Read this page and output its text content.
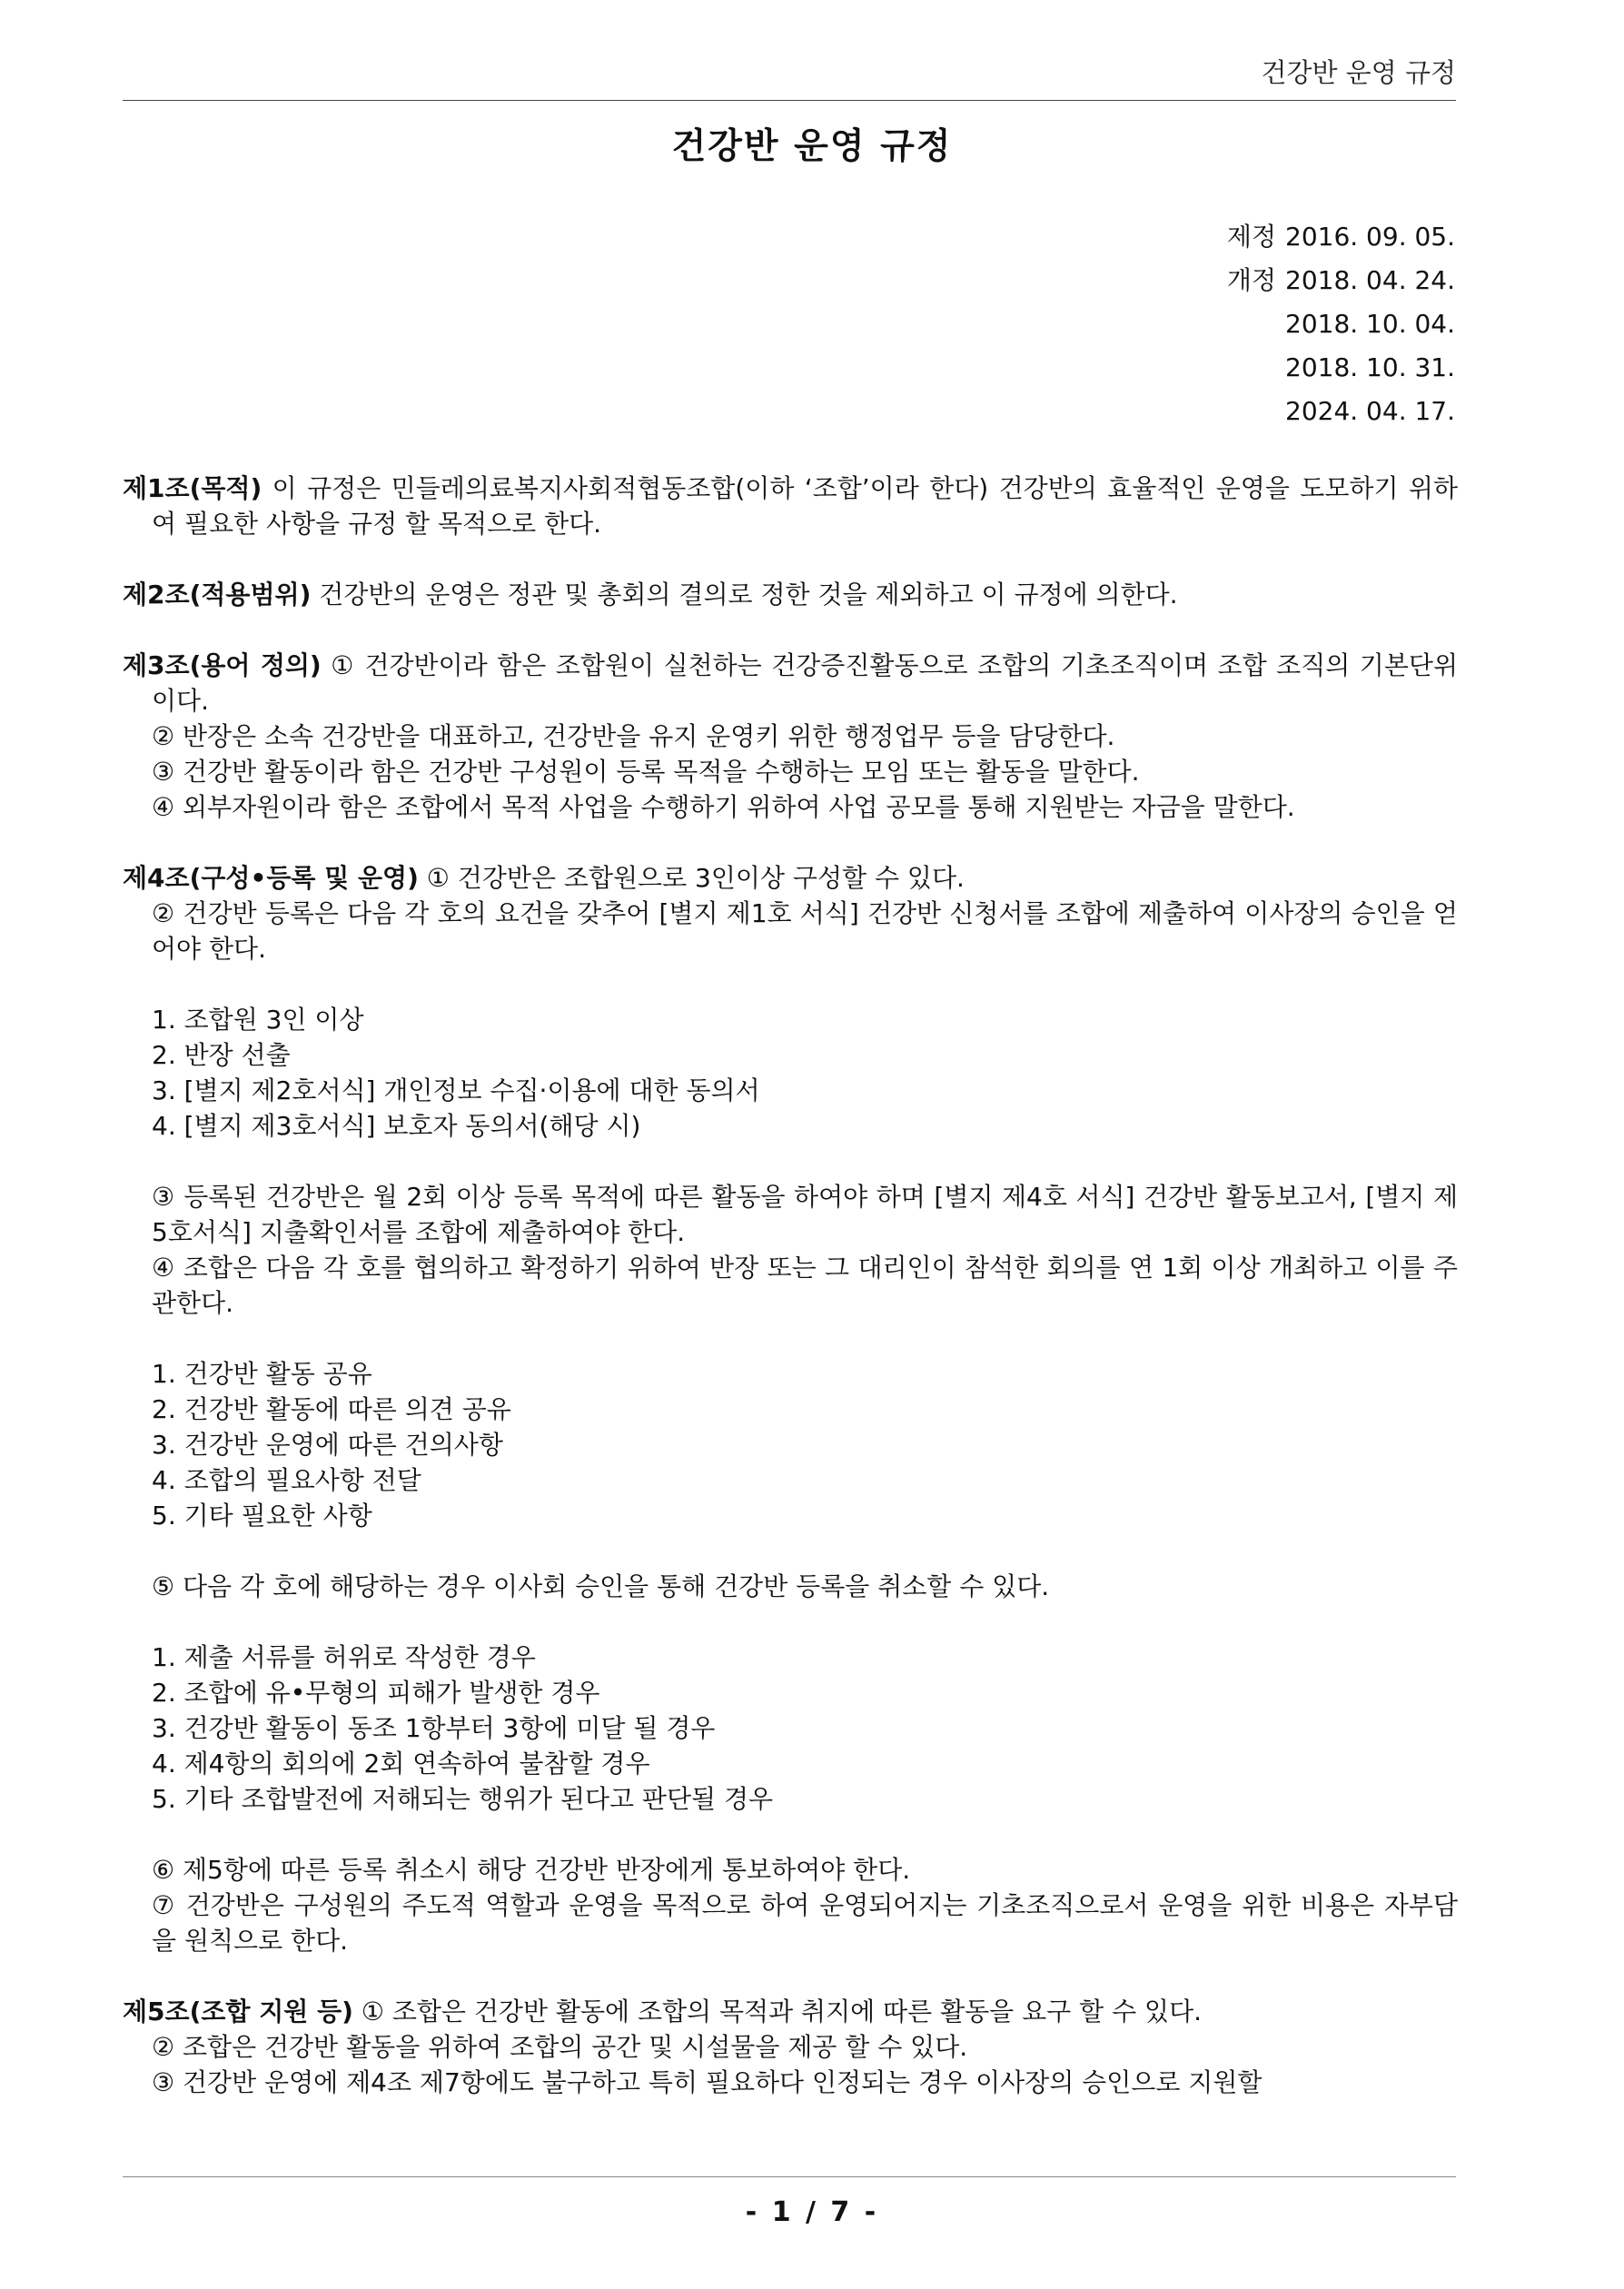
건강반 운영 규정
건강반 운영 규정
제정 2016. 09. 05.
개정 2018. 04. 24.
2018. 10. 04.
2018. 10. 31.
2024. 04. 17.

제1조(목적) 이 규정은 민들레의료복지사회적협동조합(이하 ‘조합’이라 한다) 건강반의 효율적인 운영을 도모하기 위하여 필요한 사항을 규정 할 목적으로 한다.

제2조(적용범위) 건강반의 운영은 정관 및 총회의 결의로 정한 것을 제외하고 이 규정에 의한다.

제3조(용어 정의) ① 건강반이라 함은 조합원이 실천하는 건강증진활동으로 조합의 기초조직이며 조합 조직의 기본단위이다.

② 반장은 소속 건강반을 대표하고, 건강반을 유지 운영키 위한 행정업무 등을 담당한다.

③ 건강반 활동이라 함은 건강반 구성원이 등록 목적을 수행하는 모임 또는 활동을 말한다.

④ 외부자원이라 함은 조합에서 목적 사업을 수행하기 위하여 사업 공모를 통해 지원받는 자금을 말한다.

제4조(구성•등록 및 운영) ① 건강반은 조합원으로 3인이상 구성할 수 있다.

② 건강반 등록은 다음 각 호의 요건을 갖추어 [별지 제1호 서식] 건강반 신청서를 조합에 제출하여 이사장의 승인을 얻어야 한다.

1. 조합원 3인 이상
2. 반장 선출
3. [별지 제2호서식] 개인정보 수집·이용에 대한 동의서
4. [별지 제3호서식] 보호자 동의서(해당 시)

③ 등록된 건강반은 월 2회 이상 등록 목적에 따른 활동을 하여야 하며 [별지 제4호 서식] 건강반 활동보고서, [별지 제5호서식] 지출확인서를 조합에 제출하여야 한다.

④ 조합은 다음 각 호를 협의하고 확정하기 위하여 반장 또는 그 대리인이 참석한 회의를 연 1회 이상 개최하고 이를 주관한다.

1. 건강반 활동 공유
2. 건강반 활동에 따른 의견 공유
3. 건강반 운영에 따른 건의사항
4. 조합의 필요사항 전달
5. 기타 필요한 사항

⑤ 다음 각 호에 해당하는 경우 이사회 승인을 통해 건강반 등록을 취소할 수 있다.

1. 제출 서류를 허위로 작성한 경우
2. 조합에 유•무형의 피해가 발생한 경우
3. 건강반 활동이 동조 1항부터 3항에 미달 될 경우
4. 제4항의 회의에 2회 연속하여 불참할 경우
5. 기타 조합발전에 저해되는 행위가 된다고 판단될 경우

⑥ 제5항에 따른 등록 취소시 해당 건강반 반장에게 통보하여야 한다.

⑦ 건강반은 구성원의 주도적 역할과 운영을 목적으로 하여 운영되어지는 기초조직으로서 운영을 위한 비용은 자부담을 원칙으로 한다.

제5조(조합 지원 등) ① 조합은 건강반 활동에 조합의 목적과 취지에 따른 활동을 요구 할 수 있다.

② 조합은 건강반 활동을 위하여 조합의 공간 및 시설물을 제공 할 수 있다.

③ 건강반 운영에 제4조 제7항에도 불구하고 특히 필요하다 인정되는 경우 이사장의 승인으로 지원할

- 1 / 7 -
